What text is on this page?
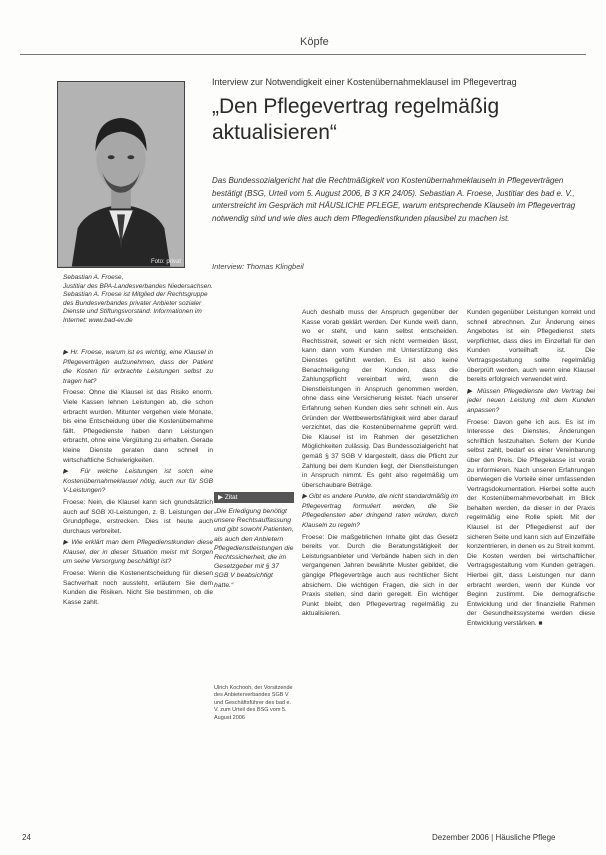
Köpfe
Foto: privat
Sebastian A. Froese,
Justitiar des BPA-Landesverbandes Niedersachsen. Sebastian A. Froese ist Mitglied der Rechtsgruppe des Bundesverbandes privater Anbieter sozialer Dienste und Stiftungsvorstand. Informationen im Internet: www.bad-ev.de
Interview zur Notwendigkeit einer Kostenübernahmeklausel im Pflegevertrag
„Den Pflegevertrag regelmäßig aktualisieren“

Das Bundessozialgericht hat die Rechtmäßigkeit von Kostenübernahmeklauseln in Pflegeverträgen bestätigt (BSG, Urteil vom 5. August 2006, B 3 KR 24/05). Sebastian A. Froese, Justitiar des bad e. V., unterstreicht im Gespräch mit HÄUSLICHE PFLEGE, warum entsprechende Klauseln im Pflegevertrag notwendig sind und wie dies auch dem Pflegedienstkunden plausibel zu machen ist.

Interview: Thomas Klingbeil

▶ Hr. Froese, warum ist es wichtig, eine Klausel in Pflegeverträgen aufzunehmen, dass der Patient die Kosten für erbrachte Leistungen selbst zu tragen hat?

Froese: Ohne die Klausel ist das Risiko enorm. Viele Kassen lehnen Leistungen ab, die schon erbracht wurden. Mitunter vergehen viele Monate, bis eine Entscheidung über die Kostenübernahme fällt. Pflegedienste haben dann Leistungen erbracht, ohne eine Vergütung zu erhalten. Gerade kleine Dienste geraten dann schnell in wirtschaftliche Schwierigkeiten.

▶ Für welche Leistungen ist solch eine Kostenübernahmeklausel nötig, auch nur für SGB V-Leistungen?

Froese: Nein, die Klausel kann sich grundsätzlich auch auf SGB XI-Leistungen, z. B. Leistungen der Grundpflege, erstrecken. Dies ist heute auch durchaus verbreitet.

▶ Wie erklärt man dem Pflegedienstkunden diese Klausel, der in dieser Situation meist mit Sorgen um seine Versorgung beschäftigt ist?

Froese: Wenn die Kostenentscheidung für diesen Sachverhalt noch aussteht, erläutern Sie dem Kunden die Risiken. Nicht Sie bestimmen, ob die Kasse zahlt.

Auch deshalb muss der Anspruch gegenüber der Kasse vorab geklärt werden. Der Kunde weiß dann, wo er steht, und kann selbst entscheiden. Rechtsstreit, soweit er sich nicht vermeiden lässt, kann dann vom Kunden mit Unterstützung des Dienstes geführt werden. Es ist also keine Benachteiligung der Kunden, dass die Zahlungspflicht vereinbart wird, wenn die Dienstleistungen in Anspruch genommen werden, ohne dass eine Versicherung leistet. Nach unserer Erfahrung sehen Kunden dies sehr schnell ein. Aus Gründen der Wettbewerbsfähigkeit wird aber darauf verzichtet, das die Kostenübernahme geprüft wird. Die Klausel ist im Rahmen der gesetzlichen Möglichkeiten zulässig. Das Bundessozialgericht hat gemäß § 37 SGB V klargestellt, dass die Pflicht zur Zahlung bei dem Kunden liegt, der Dienstleistungen in Anspruch nimmt. Es geht also regelmäßig um überschaubare Beträge.

▶ Gibt es andere Punkte, die nicht standardmäßig im Pflegevertrag formuliert werden, die Sie Pflegediensten aber dringend raten würden, durch Klauseln zu regeln?

Froese: Die maßgeblichen Inhalte gibt das Gesetz bereits vor. Durch die Beratungstätigkeit der Leistungsanbieter und Verbände haben sich in den vergangenen Jahren bewährte Muster gebildet, die gängige Pflegeverträge auch aus rechtlicher Sicht absichern. Die wichtigen Fragen, die sich in der Praxis stellen, sind darin geregelt. Ein wichtiger Punkt bleibt, den Pflegevertrag regelmäßig zu aktualisieren.

Kunden gegenüber Leistungen korrekt und schnell abrechnen. Zur Änderung eines Angebotes ist ein Pflegedienst stets verpflichtet, dass dies im Einzelfall für den Kunden vorteilhaft ist. Die Vertragsgestaltung sollte regelmäßig überprüft werden, auch wenn eine Klausel bereits erfolgreich verwendet wird.

▶ Müssen Pflegedienste den Vertrag bei jeder neuen Leistung mit dem Kunden anpassen?

Froese: Davon gehe ich aus. Es ist im Interesse des Dienstes, Änderungen schriftlich festzuhalten. Sofern der Kunde selbst zahlt, bedarf es einer Vereinbarung über den Preis. Die Pflegekasse ist vorab zu informieren. Nach unseren Erfahrungen überwiegen die Vorteile einer umfassenden Vertragsdokumentation. Hierbei sollte auch der Kostenübernahmevorbehalt im Blick behalten werden, da dieser in der Praxis regelmäßig eine Rolle spielt. Mit der Klausel ist der Pflegedienst auf der sicheren Seite und kann sich auf Einzelfälle konzentrieren, in denen es zu Streit kommt. Die Kosten werden bei wirtschaftlicher Vertragsgestaltung vom Kunden getragen. Hierbei gilt, dass Leistungen nur dann erbracht werden, wenn der Kunde vor Beginn zustimmt. Die demografische Entwicklung und der finanzielle Rahmen der Gesundheitssysteme werden diese Entwicklung verstärken. ■

▶ Zitat
„Die Erledigung benötigt unsere Rechtsauffassung und gibt sowohl Patienten, als auch den Anbietern Pflegedienstleistungen die Rechtssicherheit, die im Gesetzgeber mit § 37 SGB V beabsichtigt hatte.“
Ulrich Kochooh, der Vorsitzende des Anbieterverbandes SGB V und Geschäftsführer des bad e. V. zum Urteil des BSG vom 5. August 2006
24	Dezember 2006 | Häusliche Pflege
